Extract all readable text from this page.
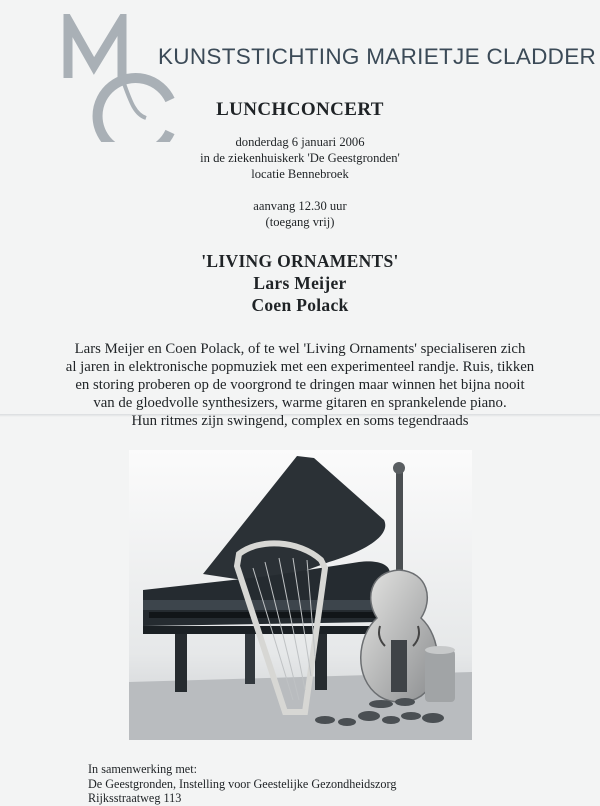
KUNSTSTICHTING MARIETJE CLADDER
LUNCHCONCERT
donderdag 6 januari 2006
in de ziekenhuiskerk 'De Geestgronden'
locatie Bennebroek
aanvang 12.30 uur
(toegang vrij)
'LIVING ORNAMENTS'
Lars Meijer
Coen Polack
Lars Meijer en Coen Polack, of te wel 'Living Ornaments' specialiseren zich
al jaren in elektronische popmuziek met een experimenteel randje. Ruis, tikken
en storing proberen op de voorgrond te dringen maar winnen het bijna nooit
van de gloedvolle synthesizers, warme gitaren en sprankelende piano.
Hun ritmes zijn swingend, complex en soms tegendraads
In samenwerking met:
De Geestgronden, Instelling voor Geestelijke Gezondheidszorg
Rijksstraatweg 113
